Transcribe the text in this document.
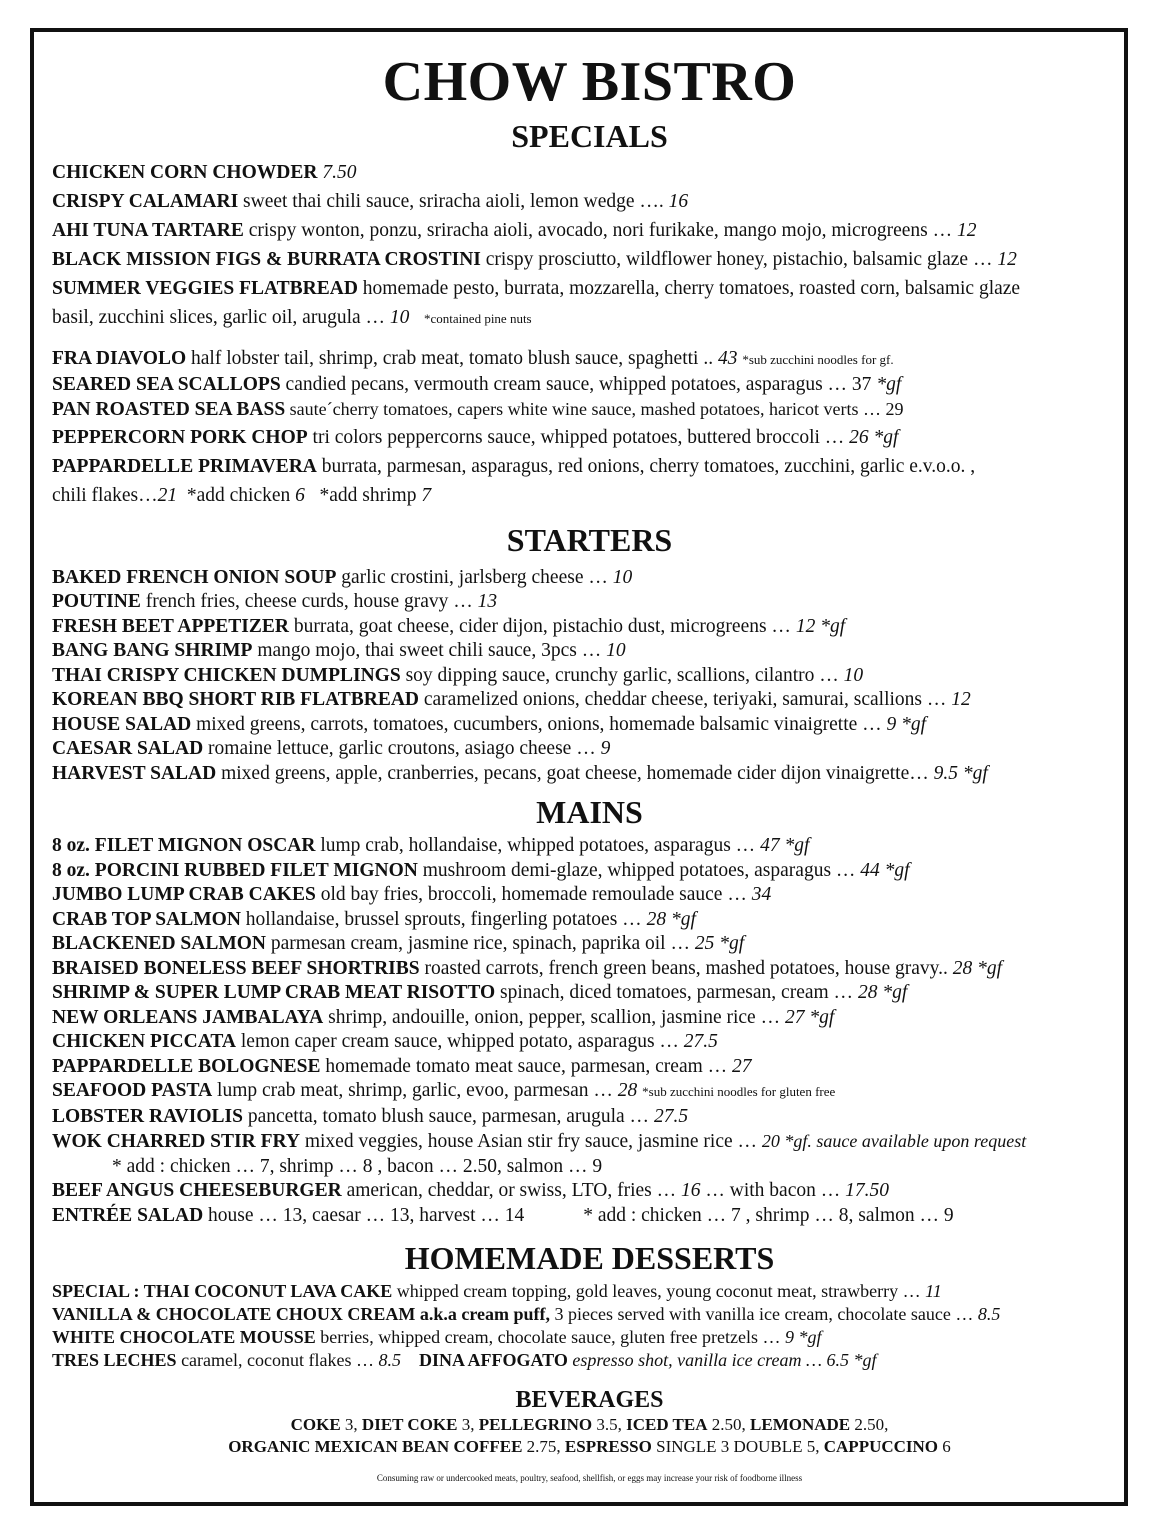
CHOW BISTRO
SPECIALS
CHICKEN CORN CHOWDER 7.50
CRISPY CALAMARI sweet thai chili sauce, sriracha aioli, lemon wedge …. 16
AHI TUNA TARTARE crispy wonton, ponzu, sriracha aioli, avocado, nori furikake, mango mojo, microgreens … 12
BLACK MISSION FIGS & BURRATA CROSTINI crispy prosciutto, wildflower honey, pistachio, balsamic glaze … 12
SUMMER VEGGIES FLATBREAD homemade pesto, burrata, mozzarella, cherry tomatoes, roasted corn, balsamic glaze
basil, zucchini slices, garlic oil, arugula … 10 *contained pine nuts
FRA DIAVOLO half lobster tail, shrimp, crab meat, tomato blush sauce, spaghetti .. 43 *sub zucchini noodles for gf.
SEARED SEA SCALLOPS candied pecans, vermouth cream sauce, whipped potatoes, asparagus … 37 *gf
PAN ROASTED SEA BASS saute´cherry tomatoes, capers white wine sauce, mashed potatoes, haricot verts … 29
PEPPERCORN PORK CHOP tri colors peppercorns sauce, whipped potatoes, buttered broccoli … 26 *gf
PAPPARDELLE PRIMAVERA burrata, parmesan, asparagus, red onions, cherry tomatoes, zucchini, garlic e.v.o.o. ,
chili flakes…21 *add chicken 6 *add shrimp 7
STARTERS
BAKED FRENCH ONION SOUP garlic crostini, jarlsberg cheese … 10
POUTINE french fries, cheese curds, house gravy … 13
FRESH BEET APPETIZER burrata, goat cheese, cider dijon, pistachio dust, microgreens … 12 *gf
BANG BANG SHRIMP mango mojo, thai sweet chili sauce, 3pcs … 10
THAI CRISPY CHICKEN DUMPLINGS soy dipping sauce, crunchy garlic, scallions, cilantro … 10
KOREAN BBQ SHORT RIB FLATBREAD caramelized onions, cheddar cheese, teriyaki, samurai, scallions … 12
HOUSE SALAD mixed greens, carrots, tomatoes, cucumbers, onions, homemade balsamic vinaigrette … 9 *gf
CAESAR SALAD romaine lettuce, garlic croutons, asiago cheese … 9
HARVEST SALAD mixed greens, apple, cranberries, pecans, goat cheese, homemade cider dijon vinaigrette… 9.5 *gf
MAINS
8 oz. FILET MIGNON OSCAR lump crab, hollandaise, whipped potatoes, asparagus … 47 *gf
8 oz. PORCINI RUBBED FILET MIGNON mushroom demi-glaze, whipped potatoes, asparagus … 44 *gf
JUMBO LUMP CRAB CAKES old bay fries, broccoli, homemade remoulade sauce … 34
CRAB TOP SALMON hollandaise, brussel sprouts, fingerling potatoes … 28 *gf
BLACKENED SALMON parmesan cream, jasmine rice, spinach, paprika oil … 25 *gf
BRAISED BONELESS BEEF SHORTRIBS roasted carrots, french green beans, mashed potatoes, house gravy.. 28 *gf
SHRIMP & SUPER LUMP CRAB MEAT RISOTTO spinach, diced tomatoes, parmesan, cream … 28 *gf
NEW ORLEANS JAMBALAYA shrimp, andouille, onion, pepper, scallion, jasmine rice … 27 *gf
CHICKEN PICCATA lemon caper cream sauce, whipped potato, asparagus … 27.5
PAPPARDELLE BOLOGNESE homemade tomato meat sauce, parmesan, cream … 27
SEAFOOD PASTA lump crab meat, shrimp, garlic, evoo, parmesan … 28 *sub zucchini noodles for gluten free
LOBSTER RAVIOLIS pancetta, tomato blush sauce, parmesan, arugula … 27.5
WOK CHARRED STIR FRY mixed veggies, house Asian stir fry sauce, jasmine rice … 20 *gf. sauce available upon request
* add : chicken … 7, shrimp … 8 , bacon … 2.50, salmon … 9
BEEF ANGUS CHEESEBURGER american, cheddar, or swiss, LTO, fries … 16 … with bacon … 17.50
ENTRÉE SALAD house … 13, caesar … 13, harvest … 14	* add : chicken … 7 , shrimp … 8, salmon … 9
HOMEMADE DESSERTS
SPECIAL : THAI COCONUT LAVA CAKE whipped cream topping, gold leaves, young coconut meat, strawberry … 11
VANILLA & CHOCOLATE CHOUX CREAM a.k.a cream puff, 3 pieces served with vanilla ice cream, chocolate sauce … 8.5
WHITE CHOCOLATE MOUSSE berries, whipped cream, chocolate sauce, gluten free pretzels … 9 *gf
TRES LECHES caramel, coconut flakes … 8.5 DINA AFFOGATO espresso shot, vanilla ice cream … 6.5 *gf
BEVERAGES
COKE 3, DIET COKE 3, PELLEGRINO 3.5, ICED TEA 2.50, LEMONADE 2.50,
ORGANIC MEXICAN BEAN COFFEE 2.75, ESPRESSO SINGLE 3 DOUBLE 5, CAPPUCCINO 6
Consuming raw or undercooked meats, poultry, seafood, shellfish, or eggs may increase your risk of foodborne illness
